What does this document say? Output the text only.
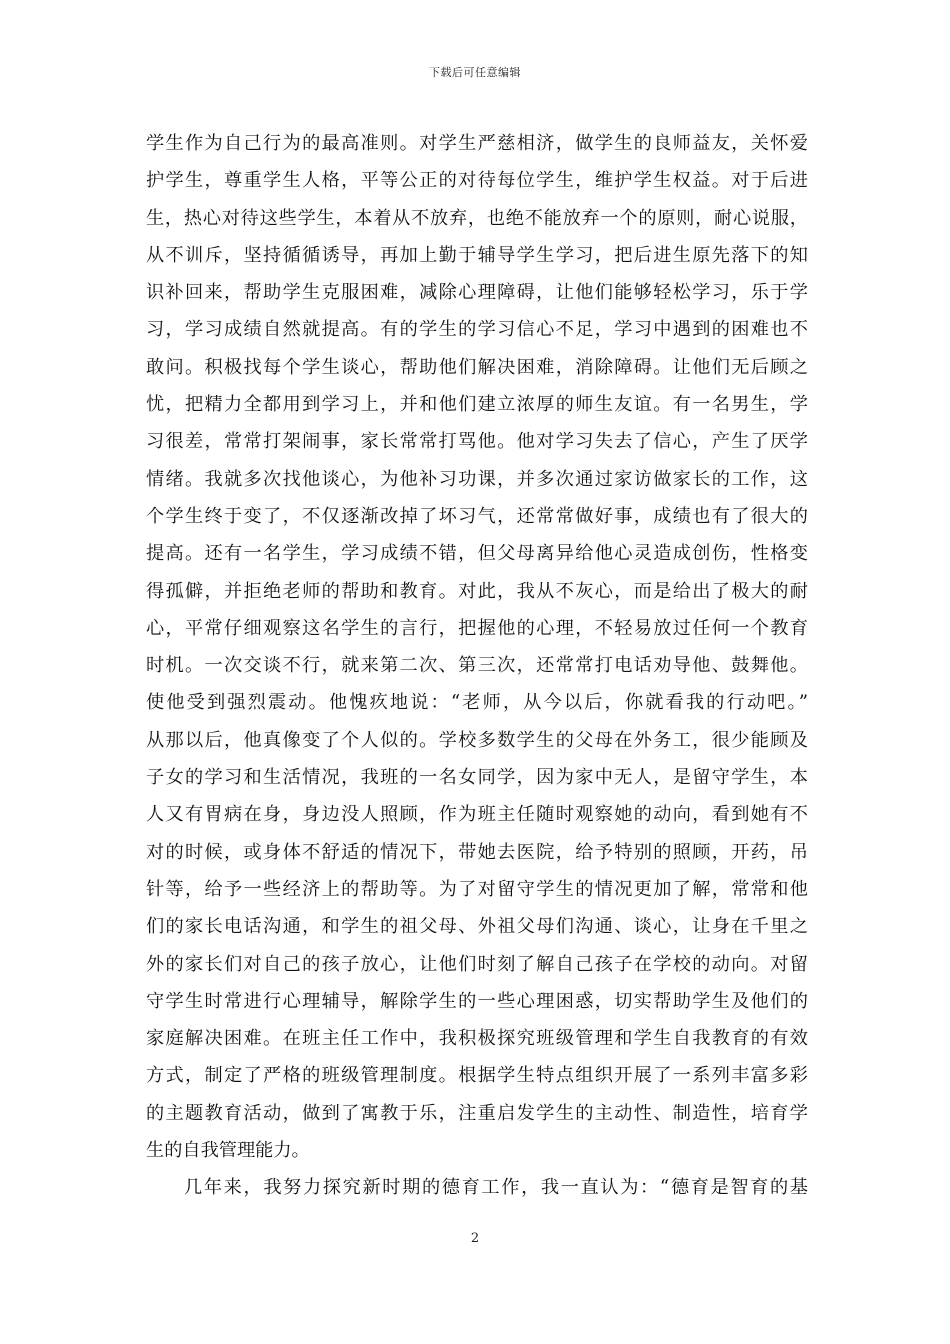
下载后可任意编辑
学生作为自己行为的最高准则。对学生严慈相济，做学生的良师益友，关怀爱
护学生，尊重学生人格，平等公正的对待每位学生，维护学生权益。对于后进
生，热心对待这些学生，本着从不放弃，也绝不能放弃一个的原则，耐心说服，
从不训斥，坚持循循诱导，再加上勤于辅导学生学习，把后进生原先落下的知
识补回来，帮助学生克服困难，减除心理障碍，让他们能够轻松学习，乐于学
习，学习成绩自然就提高。有的学生的学习信心不足，学习中遇到的困难也不
敢问。积极找每个学生谈心，帮助他们解决困难，消除障碍。让他们无后顾之
忧，把精力全都用到学习上，并和他们建立浓厚的师生友谊。有一名男生，学
习很差，常常打架闹事，家长常常打骂他。他对学习失去了信心，产生了厌学
情绪。我就多次找他谈心，为他补习功课，并多次通过家访做家长的工作，这
个学生终于变了，不仅逐渐改掉了坏习气，还常常做好事，成绩也有了很大的
提高。还有一名学生，学习成绩不错，但父母离异给他心灵造成创伤，性格变
得孤僻，并拒绝老师的帮助和教育。对此，我从不灰心，而是给出了极大的耐
心，平常仔细观察这名学生的言行，把握他的心理，不轻易放过任何一个教育
时机。一次交谈不行，就来第二次、第三次，还常常打电话劝导他、鼓舞他。
使他受到强烈震动。他愧疚地说：“老师，从今以后，你就看我的行动吧。”
从那以后，他真像变了个人似的。学校多数学生的父母在外务工，很少能顾及
子女的学习和生活情况，我班的一名女同学，因为家中无人，是留守学生，本
人又有胃病在身，身边没人照顾，作为班主任随时观察她的动向，看到她有不
对的时候，或身体不舒适的情况下，带她去医院，给予特别的照顾，开药，吊
针等，给予一些经济上的帮助等。为了对留守学生的情况更加了解，常常和他
们的家长电话沟通，和学生的祖父母、外祖父母们沟通、谈心，让身在千里之
外的家长们对自己的孩子放心，让他们时刻了解自己孩子在学校的动向。对留
守学生时常进行心理辅导，解除学生的一些心理困惑，切实帮助学生及他们的
家庭解决困难。在班主任工作中，我积极探究班级管理和学生自我教育的有效
方式，制定了严格的班级管理制度。根据学生特点组织开展了一系列丰富多彩
的主题教育活动，做到了寓教于乐，注重启发学生的主动性、制造性，培育学
生的自我管理能力。
几年来，我努力探究新时期的德育工作，我一直认为：“德育是智育的基
2
